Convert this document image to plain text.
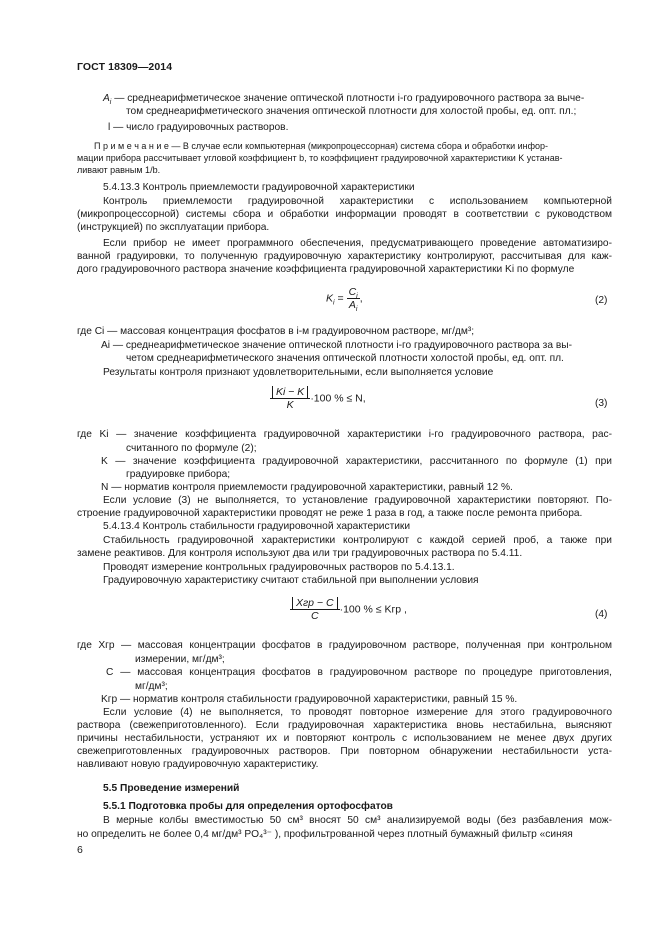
ГОСТ 18309—2014
$A_i$ — среднеарифметическое значение оптической плотности i-го градуировочного раствора за выче-
том среднеарифметического значения оптической плотности для холостой пробы, ед. опт. пл.;
l — число градуировочных растворов.
П р и м е ч а н и е — В случае если компьютерная (микропроцессорная) система сбора и обработки инфор-
мации прибора рассчитывает угловой коэффициент b, то коэффициент градуировочной характеристики K устанав-
ливают равным 1/b.
5.4.13.3 Контроль приемлемости градуировочной характеристики
Контроль приемлемости градуировочной характеристики с использованием компьютерной
(микропроцессорной) системы сбора и обработки информации проводят в соответствии с руководством
(инструкцией) по эксплуатации прибора.
Если прибор не имеет программного обеспечения, предусматривающего проведение автоматизиро-
ванной градуировки, то полученную градуировочную характеристику контролируют, рассчитывая для каж-
дого градуировочного раствора значение коэффициента градуировочной характеристики Ki по формуле
$K_i = \frac{C_i}{A_i}$ ,	(2)
где Ci — массовая концентрация фосфатов в i-м градуировочном растворе, мг/дм³;
Ai — среднеарифметическое значение оптической плотности i-го градуировочного раствора за вы-
четом среднеарифметического значения оптической плотности холостой пробы, ед. опт. пл.
Результаты контроля признают удовлетворительными, если выполняется условие
$\frac{Ki - K}{K} \cdot 100$ % ≤ N,	(3)
где Ki — значение коэффициента градуировочной характеристики i-го градуировочного раствора, рас-
считанного по формуле (2);
K — значение коэффициента градуировочной характеристики, рассчитанного по формуле (1) при
градуировке прибора;
N — норматив контроля приемлемости градуировочной характеристики, равный 12 %.
Если условие (3) не выполняется, то установление градуировочной характеристики повторяют. По-
строение градуировочной характеристики проводят не реже 1 раза в год, а также после ремонта прибора.
5.4.13.4 Контроль стабильности градуировочной характеристики
Стабильность градуировочной характеристики контролируют с каждой серией проб, а также при
замене реактивов. Для контроля используют два или три градуировочных раствора по 5.4.11.
Проводят измерение контрольных градуировочных растворов по 5.4.13.1.
Градуировочную характеристику считают стабильной при выполнении условия
$\frac{\text{Xгр − C}}{C} \cdot 100$ % ≤ Kгр ,	(4)
где Xгр — массовая концентрации фосфатов в градуировочном растворе, полученная при контрольном
измерении, мг/дм³;
C — массовая концентрация фосфатов в градуировочном растворе по процедуре приготовления,
мг/дм³;
Kгр — норматив контроля стабильности градуировочной характеристики, равный 15 %.
Если условие (4) не выполняется, то проводят повторное измерение для этого градуировочного
раствора (свежеприготовленного). Если градуировочная характеристика вновь нестабильна, выясняют
причины нестабильности, устраняют их и повторяют контроль с использованием не менее двух других
свежеприготовленных градуировочных растворов. При повторном обнаружении нестабильности уста-
навливают новую градуировочную характеристику.
5.5 Проведение измерений
5.5.1 Подготовка пробы для определения ортофосфатов
В мерные колбы вместимостью 50 см³ вносят 50 см³ анализируемой воды (без разбавления мож-
но определить не более 0,4 мг/дм³ PO₄³⁻ ), профильтрованной через плотный бумажный фильтр «синяя
6
